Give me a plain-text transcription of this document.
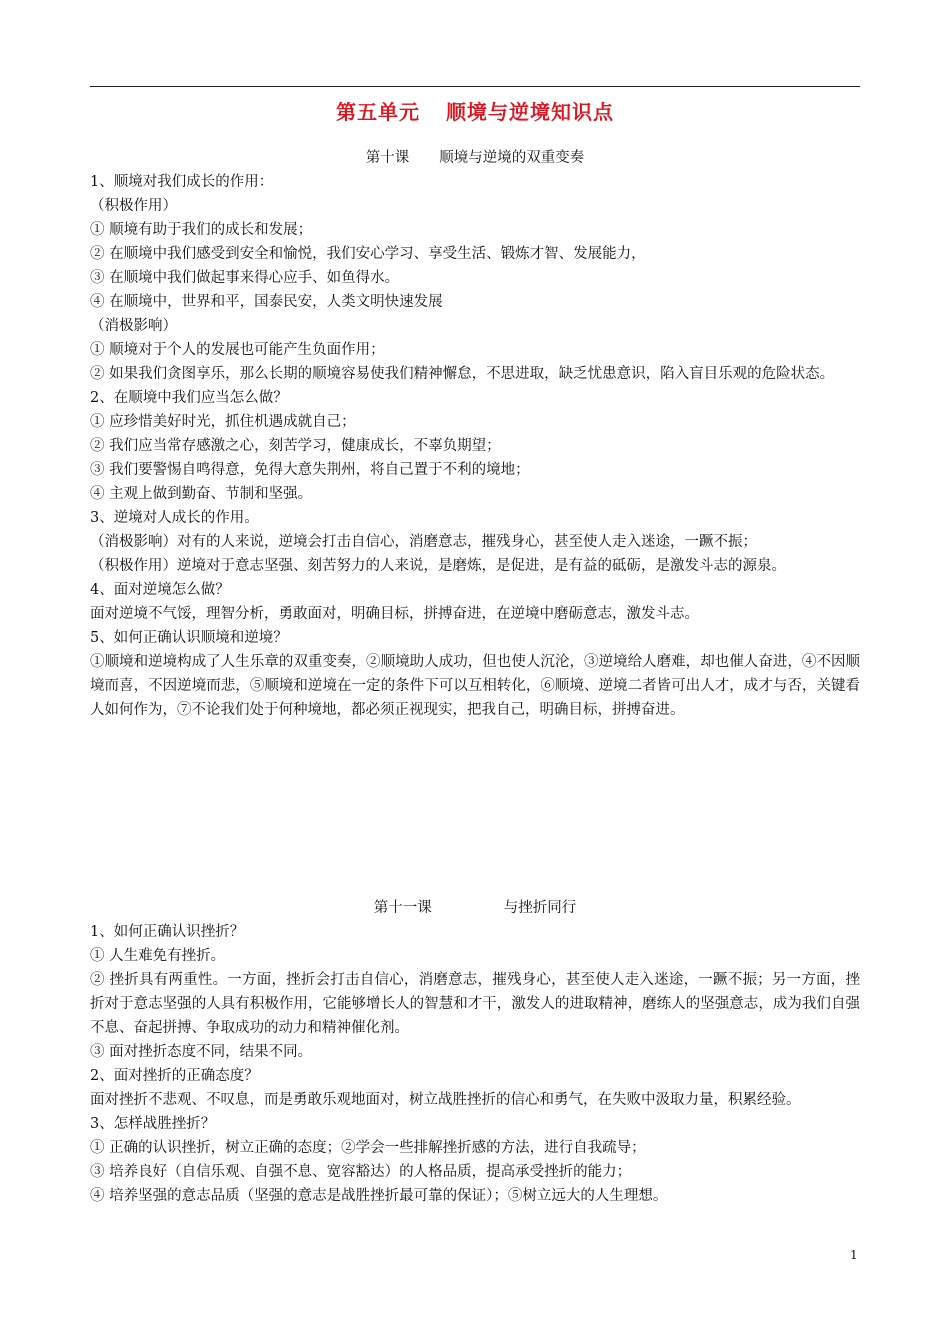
第五单元 顺境与逆境知识点
第十课 顺境与逆境的双重变奏
1、顺境对我们成长的作用：
（积极作用）
① 顺境有助于我们的成长和发展；
② 在顺境中我们感受到安全和愉悦，我们安心学习、享受生活、锻炼才智、发展能力，
③ 在顺境中我们做起事来得心应手、如鱼得水。
④ 在顺境中，世界和平，国泰民安，人类文明快速发展
（消极影响）
① 顺境对于个人的发展也可能产生负面作用；
② 如果我们贪图享乐，那么长期的顺境容易使我们精神懈怠，不思进取，缺乏忧患意识，陷入盲目乐观的危险状态。
2、在顺境中我们应当怎么做？
① 应珍惜美好时光，抓住机遇成就自己；
② 我们应当常存感激之心，刻苦学习，健康成长，不辜负期望；
③ 我们要警惕自鸣得意，免得大意失荆州，将自己置于不利的境地；
④ 主观上做到勤奋、节制和坚强。
3、逆境对人成长的作用。
（消极影响）对有的人来说，逆境会打击自信心，消磨意志，摧残身心，甚至使人走入迷途，一蹶不振；
（积极作用）逆境对于意志坚强、刻苦努力的人来说，是磨炼，是促进，是有益的砥砺，是激发斗志的源泉。
4、面对逆境怎么做？
面对逆境不气馁，理智分析，勇敢面对，明确目标，拼搏奋进，在逆境中磨砺意志，激发斗志。
5、如何正确认识顺境和逆境？
①顺境和逆境构成了人生乐章的双重变奏，②顺境助人成功，但也使人沉沦，③逆境给人磨难，却也催人奋进，④不因顺境而喜，不因逆境而悲，⑤顺境和逆境在一定的条件下可以互相转化，⑥顺境、逆境二者皆可出人才，成才与否，关键看人如何作为，⑦不论我们处于何种境地，都必须正视现实，把我自己，明确目标，拼搏奋进。
第十一课	与挫折同行
1、如何正确认识挫折？
① 人生难免有挫折。
② 挫折具有两重性。一方面，挫折会打击自信心，消磨意志，摧残身心，甚至使人走入迷途，一蹶不振；另一方面，挫折对于意志坚强的人具有积极作用，它能够增长人的智慧和才干，激发人的进取精神，磨练人的坚强意志，成为我们自强不息、奋起拼搏、争取成功的动力和精神催化剂。
③ 面对挫折态度不同，结果不同。
2、面对挫折的正确态度？
面对挫折不悲观、不叹息，而是勇敢乐观地面对，树立战胜挫折的信心和勇气，在失败中汲取力量，积累经验。
3、怎样战胜挫折？
① 正确的认识挫折，树立正确的态度；②学会一些排解挫折感的方法，进行自我疏导；
③ 培养良好（自信乐观、自强不息、宽容豁达）的人格品质，提高承受挫折的能力；
④ 培养坚强的意志品质（坚强的意志是战胜挫折最可靠的保证）；⑤树立远大的人生理想。
1
